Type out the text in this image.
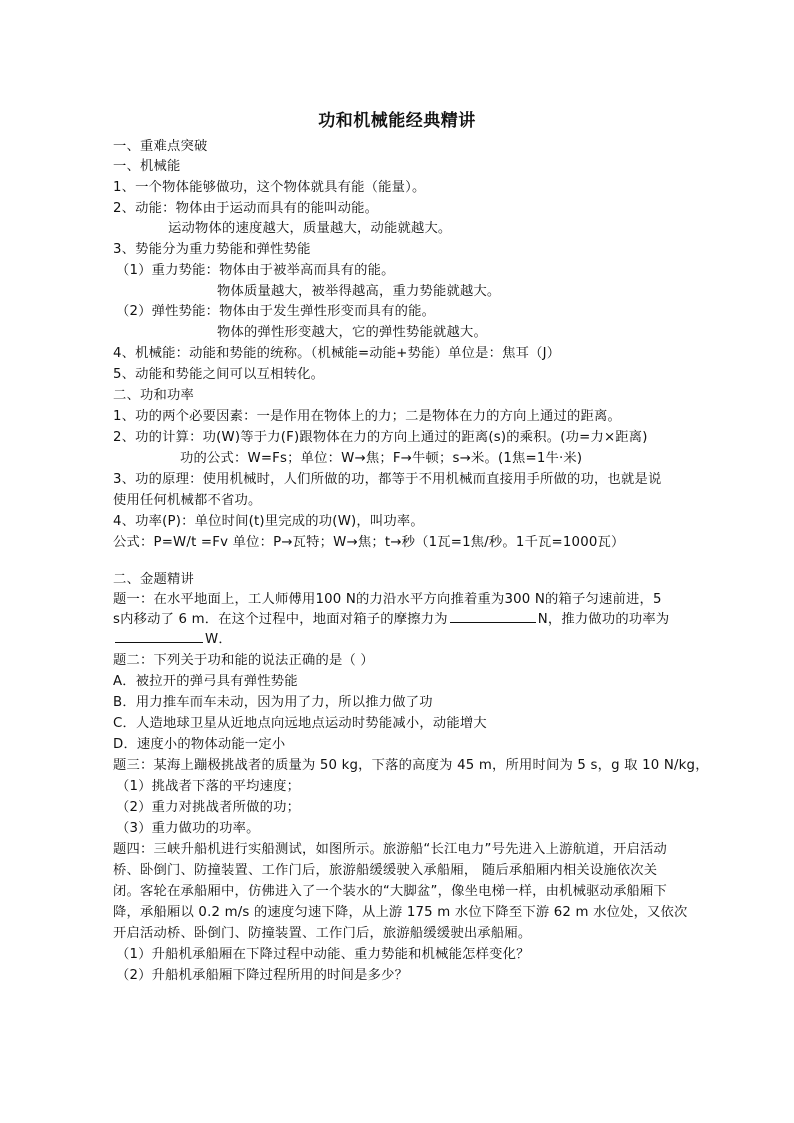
功和机械能经典精讲
一、重难点突破
一、机械能
1、一个物体能够做功，这个物体就具有能（能量）。
2、动能：物体由于运动而具有的能叫动能。
运动物体的速度越大，质量越大，动能就越大。
3、势能分为重力势能和弹性势能
（1）重力势能：物体由于被举高而具有的能。
物体质量越大，被举得越高，重力势能就越大。
（2）弹性势能：物体由于发生弹性形变而具有的能。
物体的弹性形变越大，它的弹性势能就越大。
4、机械能：动能和势能的统称。（机械能=动能+势能）单位是：焦耳（J）
5、动能和势能之间可以互相转化。
二、功和功率
1、功的两个必要因素：一是作用在物体上的力；二是物体在力的方向上通过的距离。
2、功的计算：功(W)等于力(F)跟物体在力的方向上通过的距离(s)的乘积。(功=力×距离)
功的公式：W=Fs；单位：W→焦；F→牛顿；s→米。(1焦=1牛·米)
3、功的原理：使用机械时，人们所做的功，都等于不用机械而直接用手所做的功，也就是说
使用任何机械都不省功。
4、功率(P)：单位时间(t)里完成的功(W)，叫功率。
公式：P=W/t =Fv 单位：P→瓦特；W→焦；t→秒（1瓦=1焦/秒。1千瓦=1000瓦）
二、金题精讲
题一：在水平地面上，工人师傅用100 N的力沿水平方向推着重为300 N的箱子匀速前进，5
s内移动了 6 m．在这个过程中，地面对箱子的摩擦力为	N，推力做功的功率为
W．
题二：下列关于功和能的说法正确的是（ ）
A．被拉开的弹弓具有弹性势能
B．用力推车而车未动，因为用了力，所以推力做了功
C．人造地球卫星从近地点向远地点运动时势能减小，动能增大
D．速度小的物体动能一定小
题三：某海上蹦极挑战者的质量为 50 kg，下落的高度为 45 m，所用时间为 5 s，g 取 10 N/kg，
（1）挑战者下落的平均速度；
（2）重力对挑战者所做的功；
（3）重力做功的功率。
题四：三峡升船机进行实船测试，如图所示。旅游船“长江电力”号先进入上游航道，开启活动
桥、卧倒门、防撞装置、工作门后，旅游船缓缓驶入承船厢， 随后承船厢内相关设施依次关
闭。客轮在承船厢中，仿佛进入了一个装水的“大脚盆”，像坐电梯一样，由机械驱动承船厢下
降，承船厢以 0.2 m/s 的速度匀速下降，从上游 175 m 水位下降至下游 62 m 水位处，又依次
开启活动桥、卧倒门、防撞装置、工作门后，旅游船缓缓驶出承船厢。
（1）升船机承船厢在下降过程中动能、重力势能和机械能怎样变化？
（2）升船机承船厢下降过程所用的时间是多少？
